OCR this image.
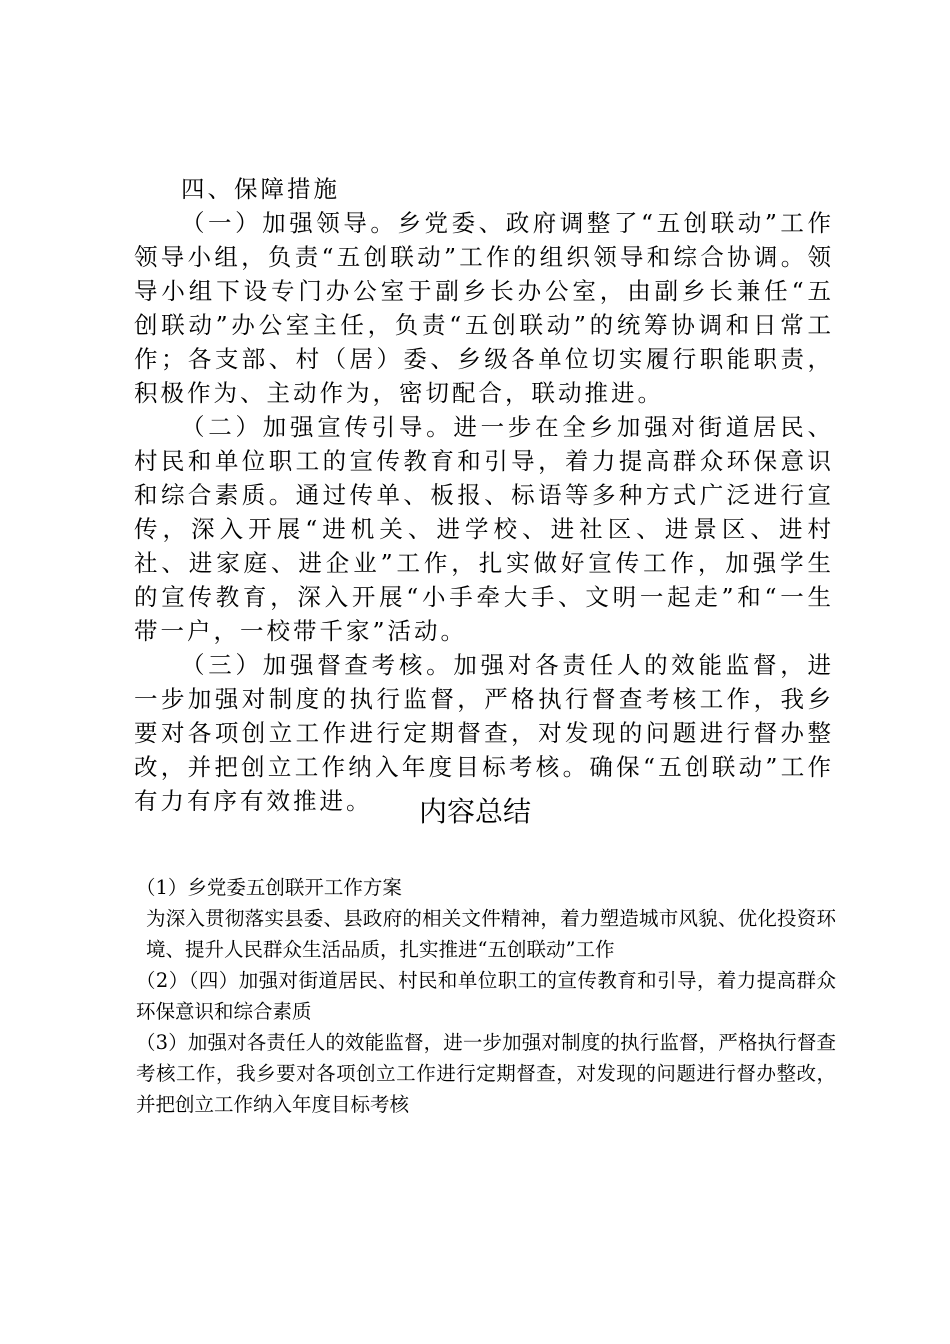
四、保障措施

（一）加强领导。乡党委、政府调整了“五创联动”工作领导小组，负责“五创联动”工作的组织领导和综合协调。领导小组下设专门办公室于副乡长办公室，由副乡长兼任“五创联动”办公室主任，负责“五创联动”的统筹协调和日常工作；各支部、村（居）委、乡级各单位切实履行职能职责，积极作为、主动作为，密切配合，联动推进。

（二）加强宣传引导。进一步在全乡加强对街道居民、村民和单位职工的宣传教育和引导，着力提高群众环保意识和综合素质。通过传单、板报、标语等多种方式广泛进行宣传，深入开展“进机关、进学校、进社区、进景区、进村社、进家庭、进企业”工作，扎实做好宣传工作，加强学生的宣传教育，深入开展“小手牵大手、文明一起走”和“一生带一户，一校带千家”活动。

（三）加强督查考核。加强对各责任人的效能监督，进一步加强对制度的执行监督，严格执行督查考核工作，我乡要对各项创立工作进行定期督查，对发现的问题进行督办整改，并把创立工作纳入年度目标考核。确保“五创联动”工作有力有序有效推进。	内容总结

（1）乡党委五创联开工作方案

为深入贯彻落实县委、县政府的相关文件精神，着力塑造城市风貌、优化投资环境、提升人民群众生活品质，扎实推进“五创联动”工作

（2）（四）加强对街道居民、村民和单位职工的宣传教育和引导，着力提高群众环保意识和综合素质

（3）加强对各责任人的效能监督，进一步加强对制度的执行监督，严格执行督查考核工作，我乡要对各项创立工作进行定期督查，对发现的问题进行督办整改，并把创立工作纳入年度目标考核
